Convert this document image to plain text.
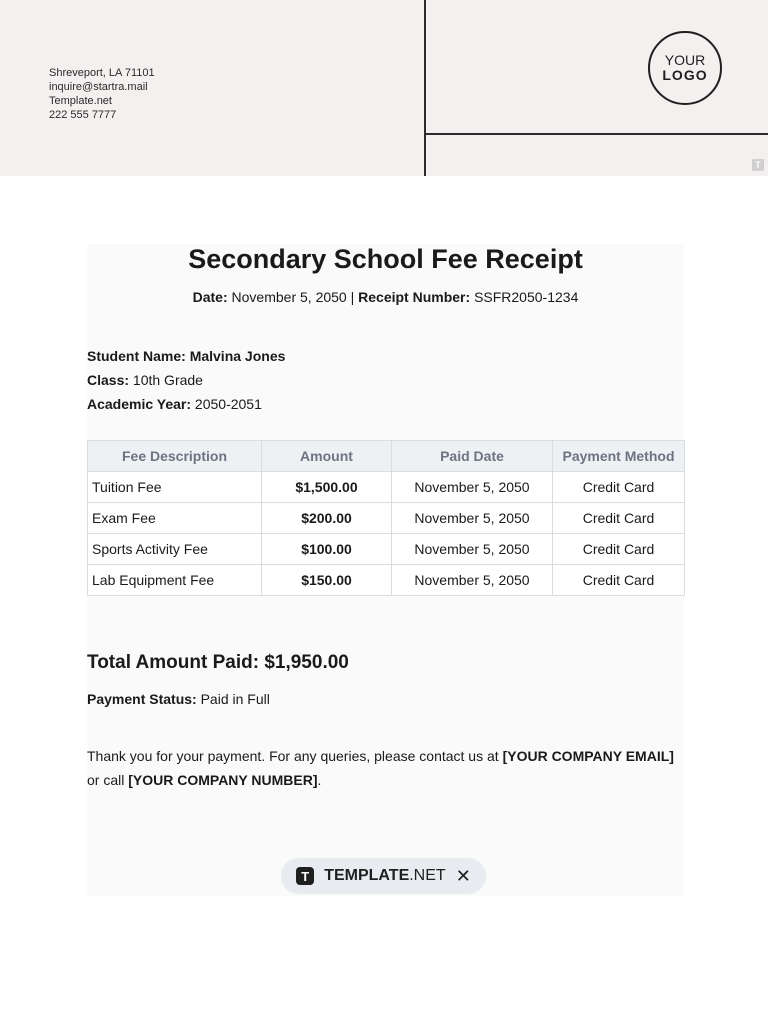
Shreveport, LA 71101
inquire@startra.mail
Template.net
222 555 7777
YOUR
LOGO
T
Secondary School Fee Receipt
Date: November 5, 2050 | Receipt Number: SSFR2050-1234
Student Name: Malvina Jones
Class: 10th Grade
Academic Year: 2050-2051
Fee Description	Amount	Paid Date	Payment Method
Tuition Fee	$1,500.00	November 5, 2050	Credit Card
Exam Fee	$200.00	November 5, 2050	Credit Card
Sports Activity Fee	$100.00	November 5, 2050	Credit Card
Lab Equipment Fee	$150.00	November 5, 2050	Credit Card
Total Amount Paid: $1,950.00
Payment Status: Paid in Full
Thank you for your payment. For any queries, please contact us at [YOUR COMPANY EMAIL] or call [YOUR COMPANY NUMBER].
T TEMPLATE.NET ✕
